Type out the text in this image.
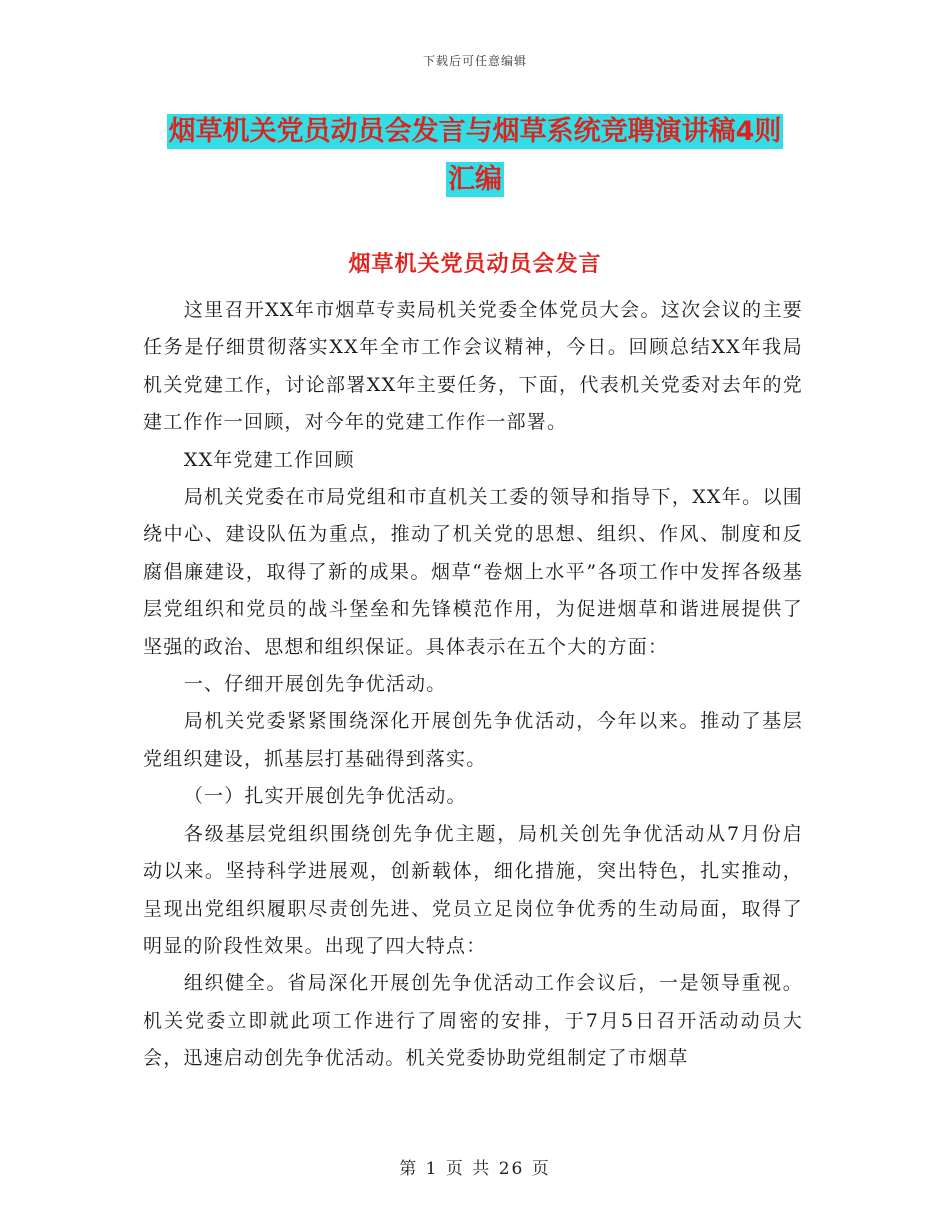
下载后可任意编辑
烟草机关党员动员会发言与烟草系统竞聘演讲稿4则
汇编
烟草机关党员动员会发言

这里召开XX年市烟草专卖局机关党委全体党员大会。这次会议的主要任务是仔细贯彻落实XX年全市工作会议精神，今日。回顾总结XX年我局机关党建工作，讨论部署XX年主要任务，下面，代表机关党委对去年的党建工作作一回顾，对今年的党建工作作一部署。

XX年党建工作回顾

局机关党委在市局党组和市直机关工委的领导和指导下，XX年。以围绕中心、建设队伍为重点，推动了机关党的思想、组织、作风、制度和反腐倡廉建设，取得了新的成果。烟草“卷烟上水平”各项工作中发挥各级基层党组织和党员的战斗堡垒和先锋模范作用，为促进烟草和谐进展提供了坚强的政治、思想和组织保证。具体表示在五个大的方面：

一、仔细开展创先争优活动。

局机关党委紧紧围绕深化开展创先争优活动，今年以来。推动了基层党组织建设，抓基层打基础得到落实。

（一）扎实开展创先争优活动。

各级基层党组织围绕创先争优主题，局机关创先争优活动从7月份启动以来。坚持科学进展观，创新载体，细化措施，突出特色，扎实推动，呈现出党组织履职尽责创先进、党员立足岗位争优秀的生动局面，取得了明显的阶段性效果。出现了四大特点：

组织健全。省局深化开展创先争优活动工作会议后，一是领导重视。机关党委立即就此项工作进行了周密的安排，于7月5日召开活动动员大会，迅速启动创先争优活动。机关党委协助党组制定了市烟草

第 1 页 共 26 页
